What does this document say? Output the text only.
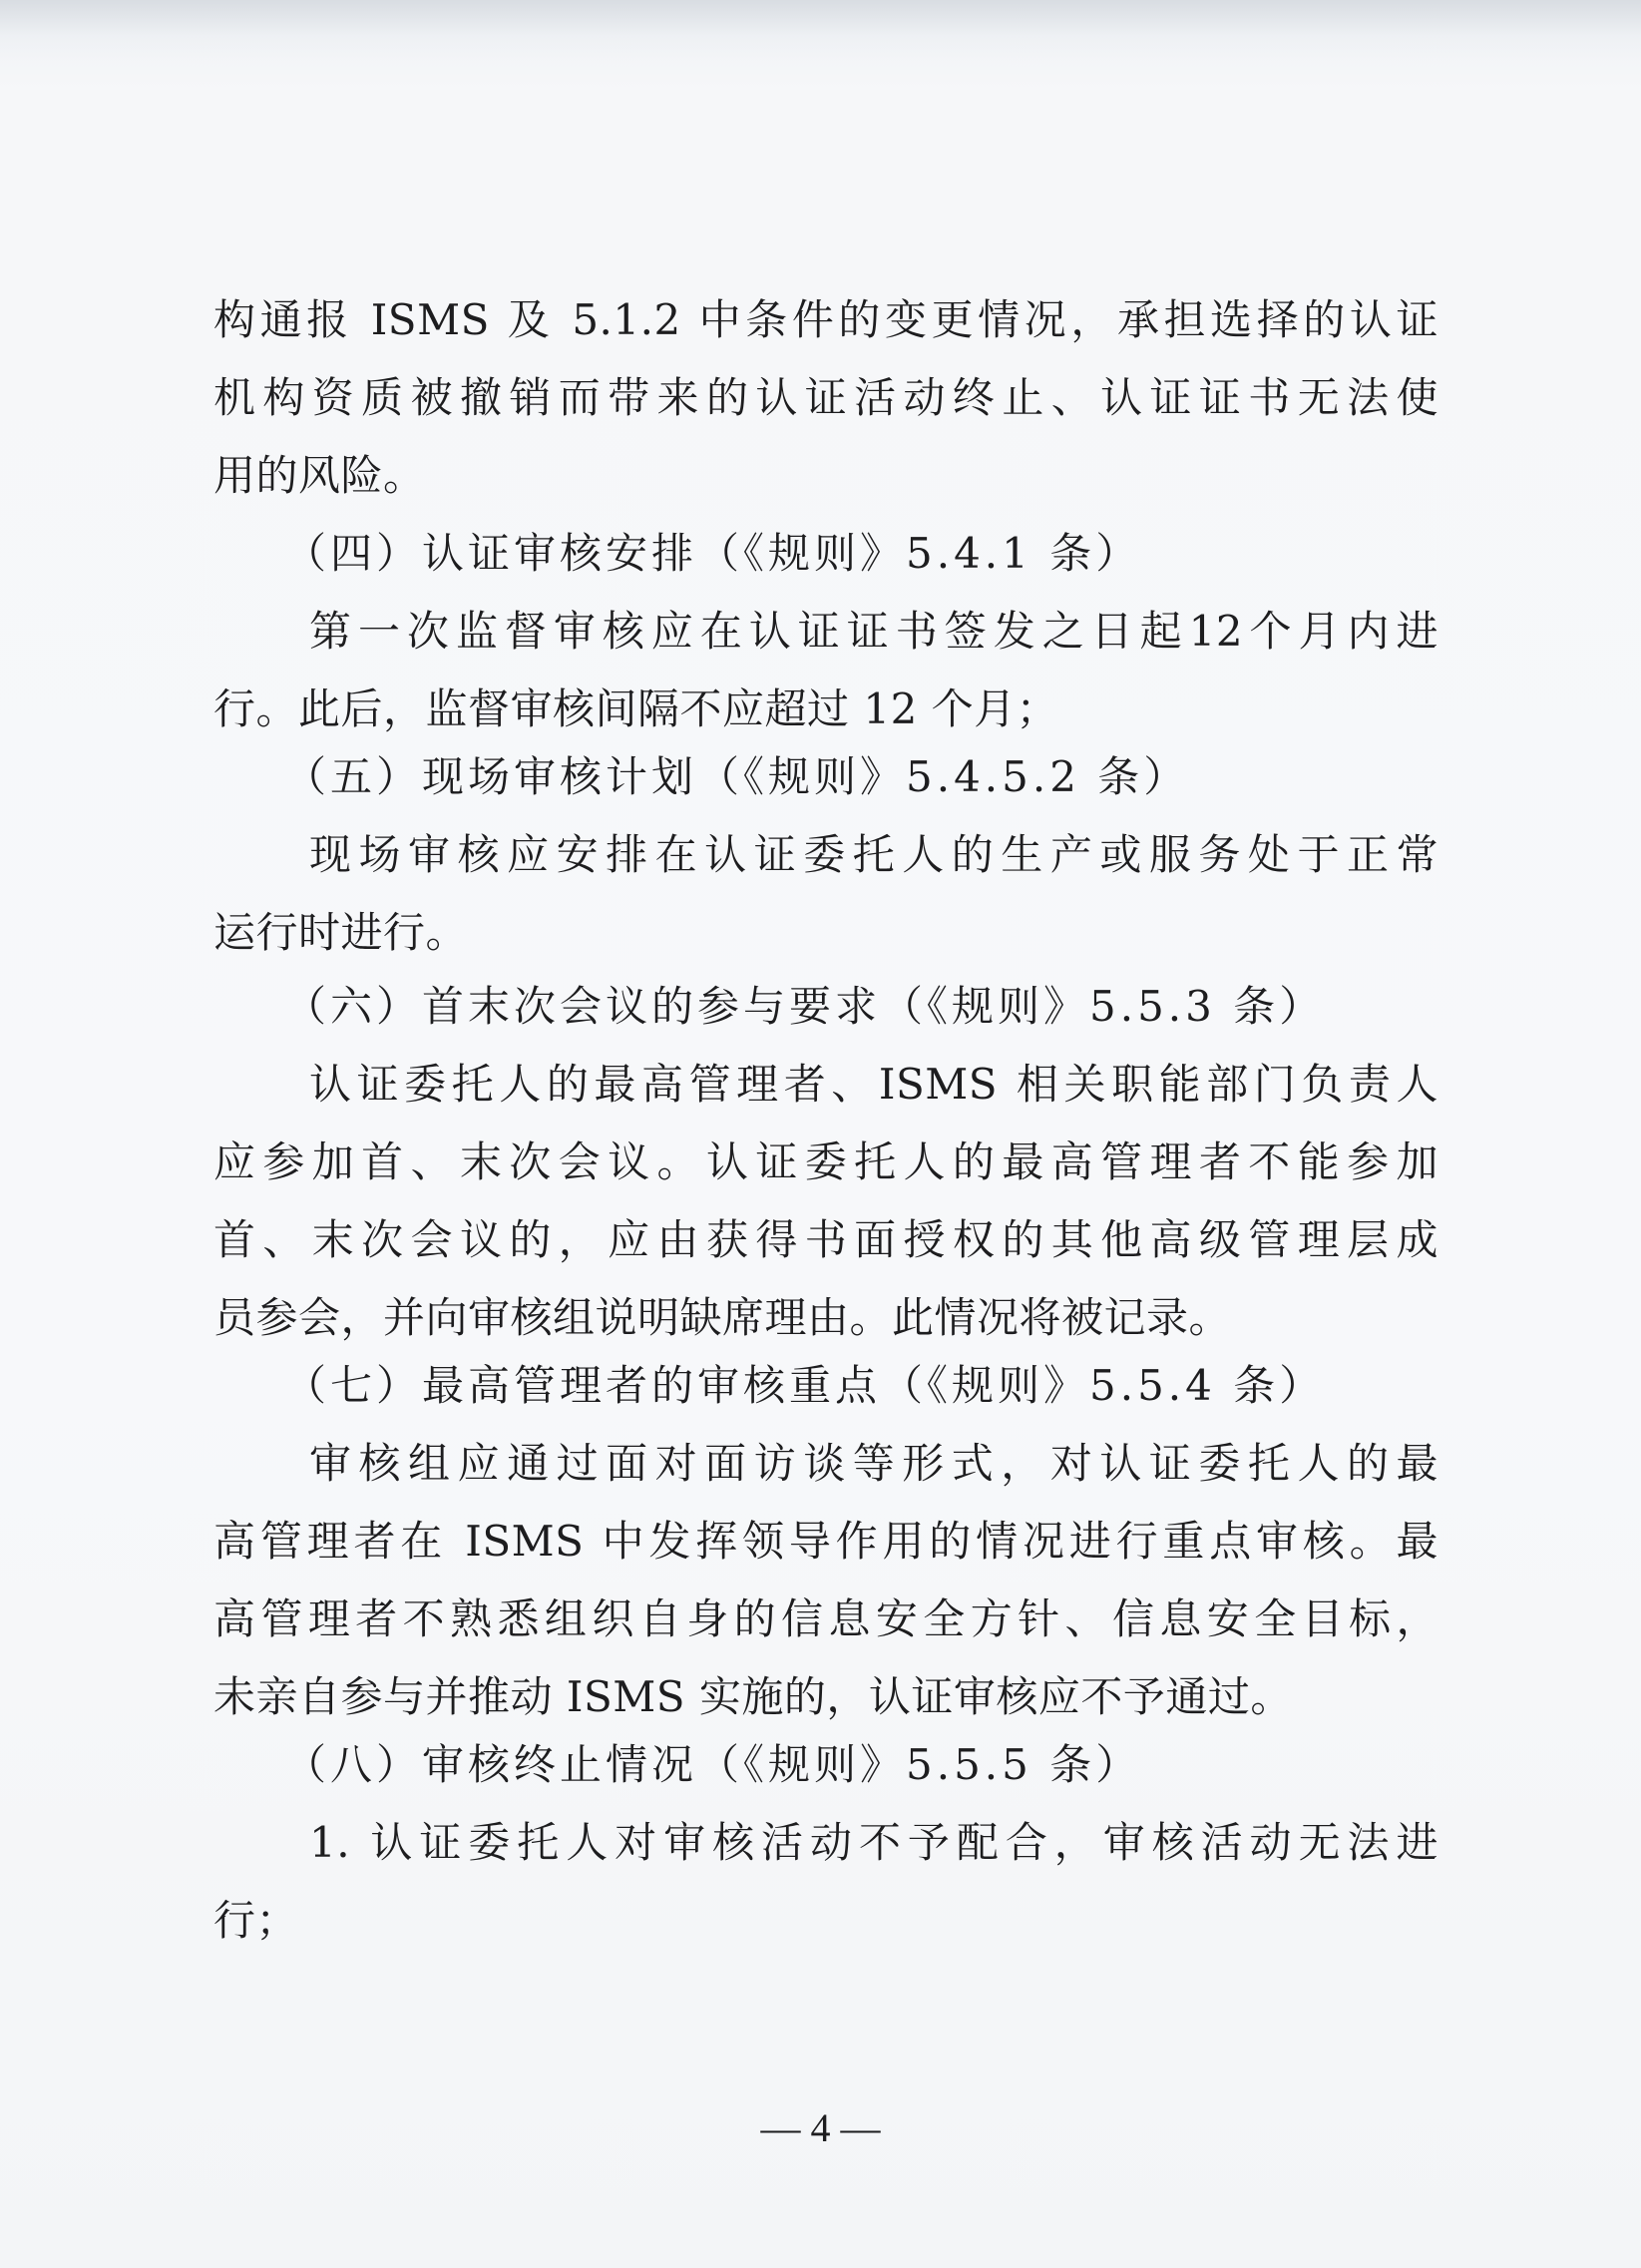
构通报 ISMS 及 5.1.2 中条件的变更情况，承担选择的认证
机构资质被撤销而带来的认证活动终止、认证证书无法使
用的风险。
（四）认证审核安排（《规则》5.4.1 条）
第一次监督审核应在认证证书签发之日起12个月内进
行。此后，监督审核间隔不应超过 12 个月；
（五）现场审核计划（《规则》5.4.5.2 条）
现场审核应安排在认证委托人的生产或服务处于正常
运行时进行。
（六）首末次会议的参与要求（《规则》5.5.3 条）
认证委托人的最高管理者、ISMS 相关职能部门负责人
应参加首、末次会议。认证委托人的最高管理者不能参加
首、末次会议的，应由获得书面授权的其他高级管理层成
员参会，并向审核组说明缺席理由。此情况将被记录。
（七）最高管理者的审核重点（《规则》5.5.4 条）
审核组应通过面对面访谈等形式，对认证委托人的最
高管理者在 ISMS 中发挥领导作用的情况进行重点审核。最
高管理者不熟悉组织自身的信息安全方针、信息安全目标，
未亲自参与并推动 ISMS 实施的，认证审核应不予通过。
（八）审核终止情况（《规则》5.5.5 条）
1. 认证委托人对审核活动不予配合，审核活动无法进
行；
— 4 —
